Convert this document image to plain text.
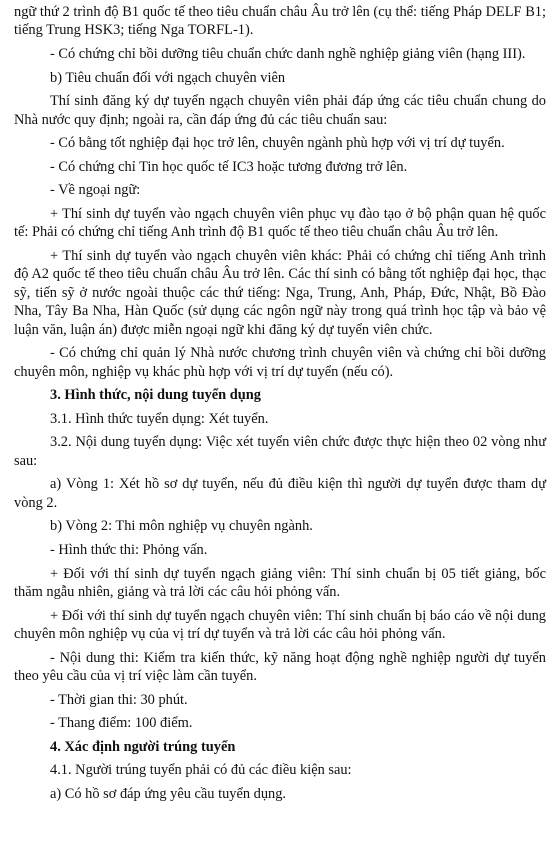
ngữ thứ 2 trình độ B1 quốc tế theo tiêu chuẩn châu Âu trở lên (cụ thể: tiếng Pháp DELF B1; tiếng Trung HSK3; tiếng Nga TORFL-1).

- Có chứng chỉ bồi dưỡng tiêu chuẩn chức danh nghề nghiệp giảng viên (hạng III).

b) Tiêu chuẩn đối với ngạch chuyên viên

Thí sinh đăng ký dự tuyển ngạch chuyên viên phải đáp ứng các tiêu chuẩn chung do Nhà nước quy định; ngoài ra, cần đáp ứng đủ các tiêu chuẩn sau:

- Có bằng tốt nghiệp đại học trở lên, chuyên ngành phù hợp với vị trí dự tuyển.

- Có chứng chỉ Tin học quốc tế IC3 hoặc tương đương trở lên.

- Về ngoại ngữ:

+ Thí sinh dự tuyển vào ngạch chuyên viên phục vụ đào tạo ở bộ phận quan hệ quốc tế: Phải có chứng chỉ tiếng Anh trình độ B1 quốc tế theo tiêu chuẩn châu Âu trở lên.

+ Thí sinh dự tuyển vào ngạch chuyên viên khác: Phải có chứng chỉ tiếng Anh trình độ A2 quốc tế theo tiêu chuẩn châu Âu trở lên. Các thí sinh có bằng tốt nghiệp đại học, thạc sỹ, tiến sỹ ở nước ngoài thuộc các thứ tiếng: Nga, Trung, Anh, Pháp, Đức, Nhật, Bồ Đào Nha, Tây Ba Nha, Hàn Quốc (sử dụng các ngôn ngữ này trong quá trình học tập và bảo vệ luận văn, luận án) được miễn ngoại ngữ khi đăng ký dự tuyển viên chức.

- Có chứng chỉ quản lý Nhà nước chương trình chuyên viên và chứng chỉ bồi dưỡng chuyên môn, nghiệp vụ khác phù hợp với vị trí dự tuyển (nếu có).

3. Hình thức, nội dung tuyển dụng

3.1. Hình thức tuyển dụng: Xét tuyển.

3.2. Nội dung tuyển dụng: Việc xét tuyển viên chức được thực hiện theo 02 vòng như sau:

a) Vòng 1: Xét hồ sơ dự tuyển, nếu đủ điều kiện thì người dự tuyển được tham dự vòng 2.

b) Vòng 2: Thi môn nghiệp vụ chuyên ngành.

- Hình thức thi: Phỏng vấn.

+ Đối với thí sinh dự tuyển ngạch giảng viên: Thí sinh chuẩn bị 05 tiết giảng, bốc thăm ngẫu nhiên, giảng và trả lời các câu hỏi phỏng vấn.

+ Đối với thí sinh dự tuyển ngạch chuyên viên: Thí sinh chuẩn bị báo cáo về nội dung chuyên môn nghiệp vụ của vị trí dự tuyển và trả lời các câu hỏi phỏng vấn.

- Nội dung thi: Kiểm tra kiến thức, kỹ năng hoạt động nghề nghiệp người dự tuyển theo yêu cầu của vị trí việc làm cần tuyển.

- Thời gian thi: 30 phút.

- Thang điểm: 100 điểm.

4. Xác định người trúng tuyển

4.1. Người trúng tuyển phải có đủ các điều kiện sau:

a) Có hồ sơ đáp ứng yêu cầu tuyển dụng.
